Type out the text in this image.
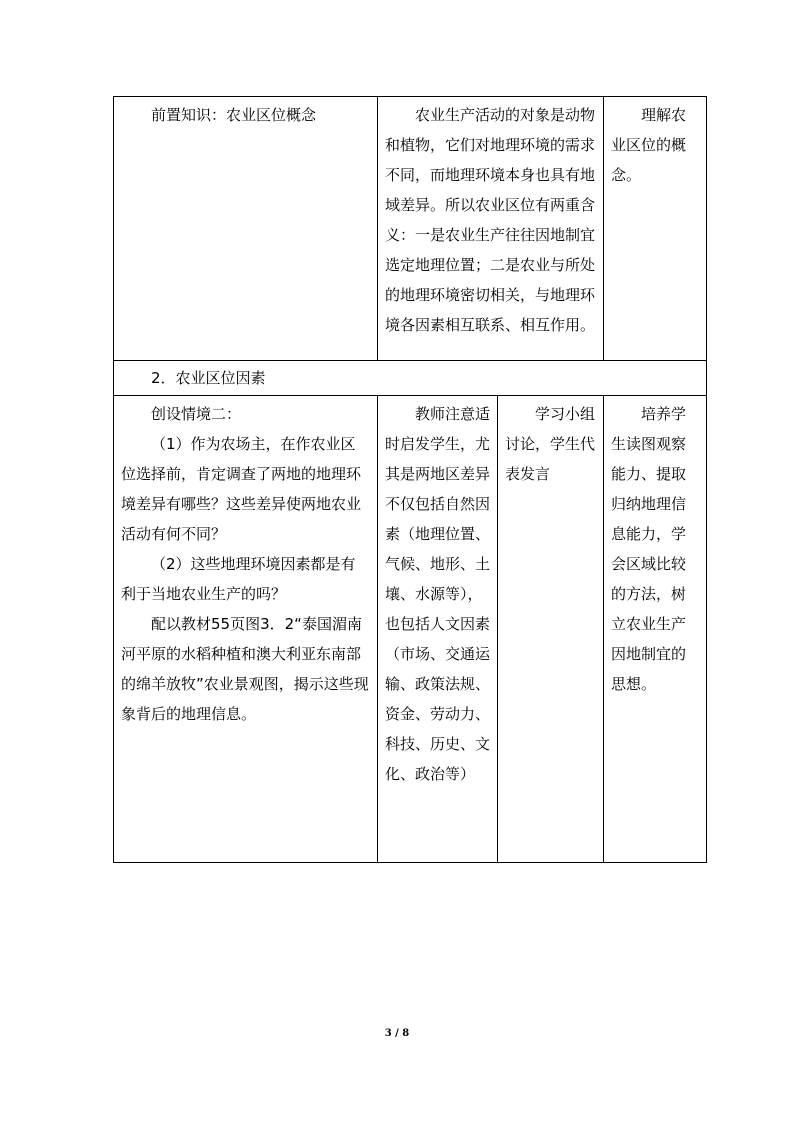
前置知识：农业区位概念	农业生产活动的对象是动物和植物，它们对地理环境的需求不同，而地理环境本身也具有地域差异。所以农业区位有两重含义：一是农业生产往往因地制宜选定地理位置；二是农业与所处的地理环境密切相关，与地理环境各因素相互联系、相互作用。		理解农业区位的概念。

2．农业区位因素			

创设情境二：
（1）作为农场主，在作农业区位选择前，肯定调查了两地的地理环境差异有哪些？这些差异使两地农业活动有何不同？
（2）这些地理环境因素都是有利于当地农业生产的吗？
配以教材55页图3．2“泰国湄南河平原的水稻种植和澳大利亚东南部的绵羊放牧”农业景观图，揭示这些现象背后的地理信息。	教师注意适时启发学生，尤其是两地区差异不仅包括自然因素（地理位置、气候、地形、土壤、水源等），也包括人文因素（市场、交通运输、政策法规、资金、劳动力、科技、历史、文化、政治等）	学习小组讨论，学生代表发言	培养学生读图观察能力、提取归纳地理信息能力，学会区域比较的方法，树立农业生产因地制宜的思想。
3 / 8
